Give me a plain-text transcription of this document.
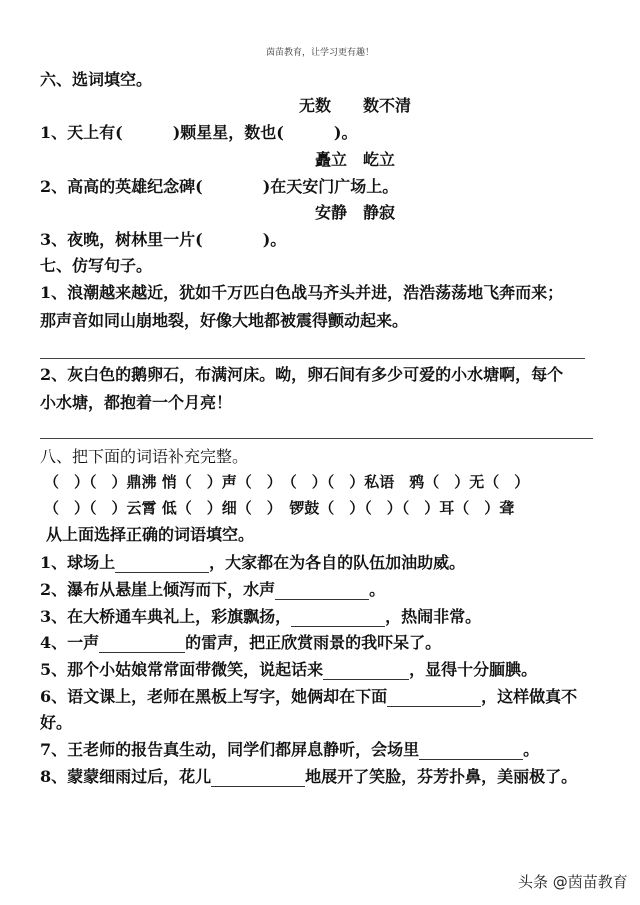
茵苗教育，让学习更有趣！
六、选词填空。
无数　　数不清
1、天上有(	)颗星星，数也(	)。
矗立　屹立
2、高高的英雄纪念碑(	)在天安门广场上。
安静　静寂
3、夜晚，树林里一片(	)。
七、仿写句子。
1、浪潮越来越近，犹如千万匹白色战马齐头并进，浩浩荡荡地飞奔而来；
那声音如同山崩地裂，好像大地都被震得颤动起来。
2、灰白色的鹅卵石，布满河床。呦，卵石间有多少可爱的小水塘啊，每个
小水塘，都抱着一个月亮！
八、把下面的词语补充完整。
（　）（　）鼎沸 悄（　）声（　）　（　）（　）私语　鸦（　）无（　）
（　）（　）云霄 低（　）细（　）　锣鼓（　）（　）（　）耳（　）聋
从上面选择正确的词语填空。
1、球场上	，大家都在为各自的队伍加油助威。
2、瀑布从悬崖上倾泻而下，水声	。
3、在大桥通车典礼上，彩旗飘扬，	，热闹非常。
4、一声	的雷声，把正欣赏雨景的我吓呆了。
5、那个小姑娘常常面带微笑，说起话来	，显得十分腼腆。
6、语文课上，老师在黑板上写字，她俩却在下面	，这样做真不
好。
7、王老师的报告真生动，同学们都屏息静听，会场里	。
8、蒙蒙细雨过后，花儿	地展开了笑脸，芬芳扑鼻，美丽极了。
头条 @茵苗教育
